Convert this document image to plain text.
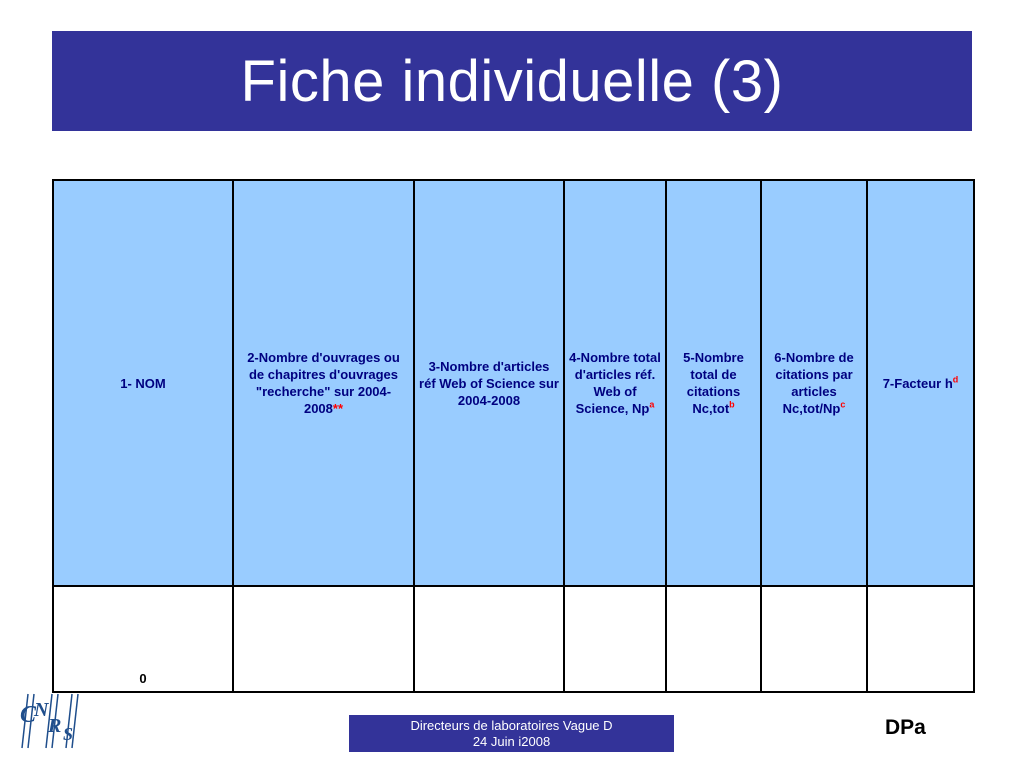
Fiche individuelle (3)
1- NOM	2-Nombre d'ouvrages ou de chapitres d'ouvrages "recherche" sur 2004-2008**	3-Nombre d'articles réf Web of Science sur 2004-2008	4-Nombre total d'articles réf. Web of Science, Np$^a$	5-Nombre total de citations Nc,tot$^b$	6-Nombre de citations par articles Nc,tot/Np$^c$	7-Facteur h$^d$
0						
C
N
R S	Directeurs de laboratoires Vague D
24 Juin i2008
DPa
